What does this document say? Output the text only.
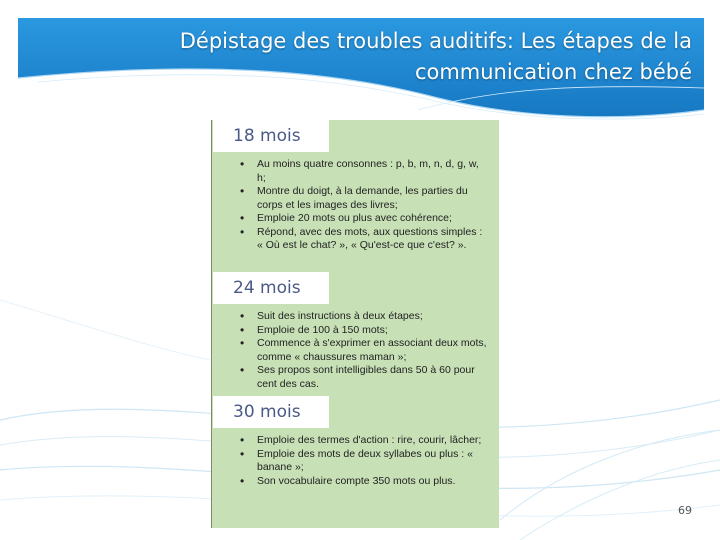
Dépistage des troubles auditifs: Les étapes de la communication chez bébé
18 mois
• Au moins quatre consonnes : p, b, m, n, d, g, w, h;
• Montre du doigt, à la demande, les parties du corps et les images des livres;
• Emploie 20 mots ou plus avec cohérence;
• Répond, avec des mots, aux questions simples : « Où est le chat? », « Qu'est-ce que c'est? ».
24 mois
• Suit des instructions à deux étapes;
• Emploie de 100 à 150 mots;
• Commence à s'exprimer en associant deux mots, comme « chaussures maman »;
• Ses propos sont intelligibles dans 50 à 60 pour cent des cas.
30 mois
• Emploie des termes d'action : rire, courir, lâcher;
• Emploie des mots de deux syllabes ou plus : « banane »;
• Son vocabulaire compte 350 mots ou plus.
69
